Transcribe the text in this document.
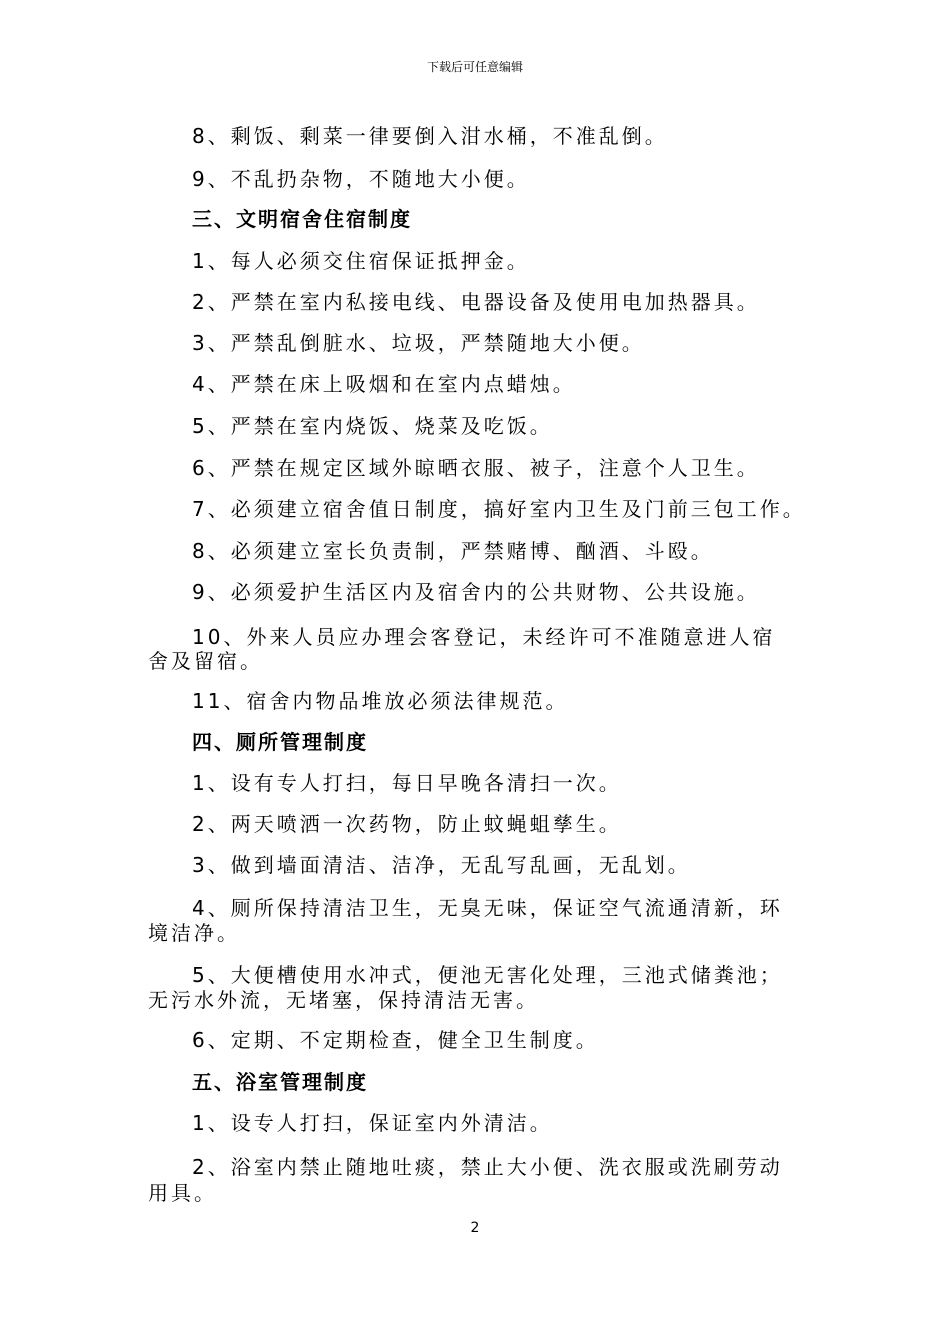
下载后可任意编辑
8、剩饭、剩菜一律要倒入泔水桶，不准乱倒。
9、不乱扔杂物，不随地大小便。
三、文明宿舍住宿制度
1、每人必须交住宿保证抵押金。
2、严禁在室内私接电线、电器设备及使用电加热器具。
3、严禁乱倒脏水、垃圾，严禁随地大小便。
4、严禁在床上吸烟和在室内点蜡烛。
5、严禁在室内烧饭、烧菜及吃饭。
6、严禁在规定区域外晾晒衣服、被子，注意个人卫生。
7、必须建立宿舍值日制度，搞好室内卫生及门前三包工作。
8、必须建立室长负责制，严禁赌博、酗酒、斗殴。
9、必须爱护生活区内及宿舍内的公共财物、公共设施。
10、外来人员应办理会客登记，未经许可不准随意进人宿
舍及留宿。
11、宿舍内物品堆放必须法律规范。
四、厕所管理制度
1、设有专人打扫，每日早晚各清扫一次。
2、两天喷洒一次药物，防止蚊蝇蛆孳生。
3、做到墙面清洁、洁净，无乱写乱画，无乱划。
4、厕所保持清洁卫生，无臭无味，保证空气流通清新，环
境洁净。
5、大便槽使用水冲式，便池无害化处理，三池式储粪池；
无污水外流，无堵塞，保持清洁无害。
6、定期、不定期检查，健全卫生制度。
五、浴室管理制度
1、设专人打扫，保证室内外清洁。
2、浴室内禁止随地吐痰，禁止大小便、洗衣服或洗刷劳动
用具。
2
